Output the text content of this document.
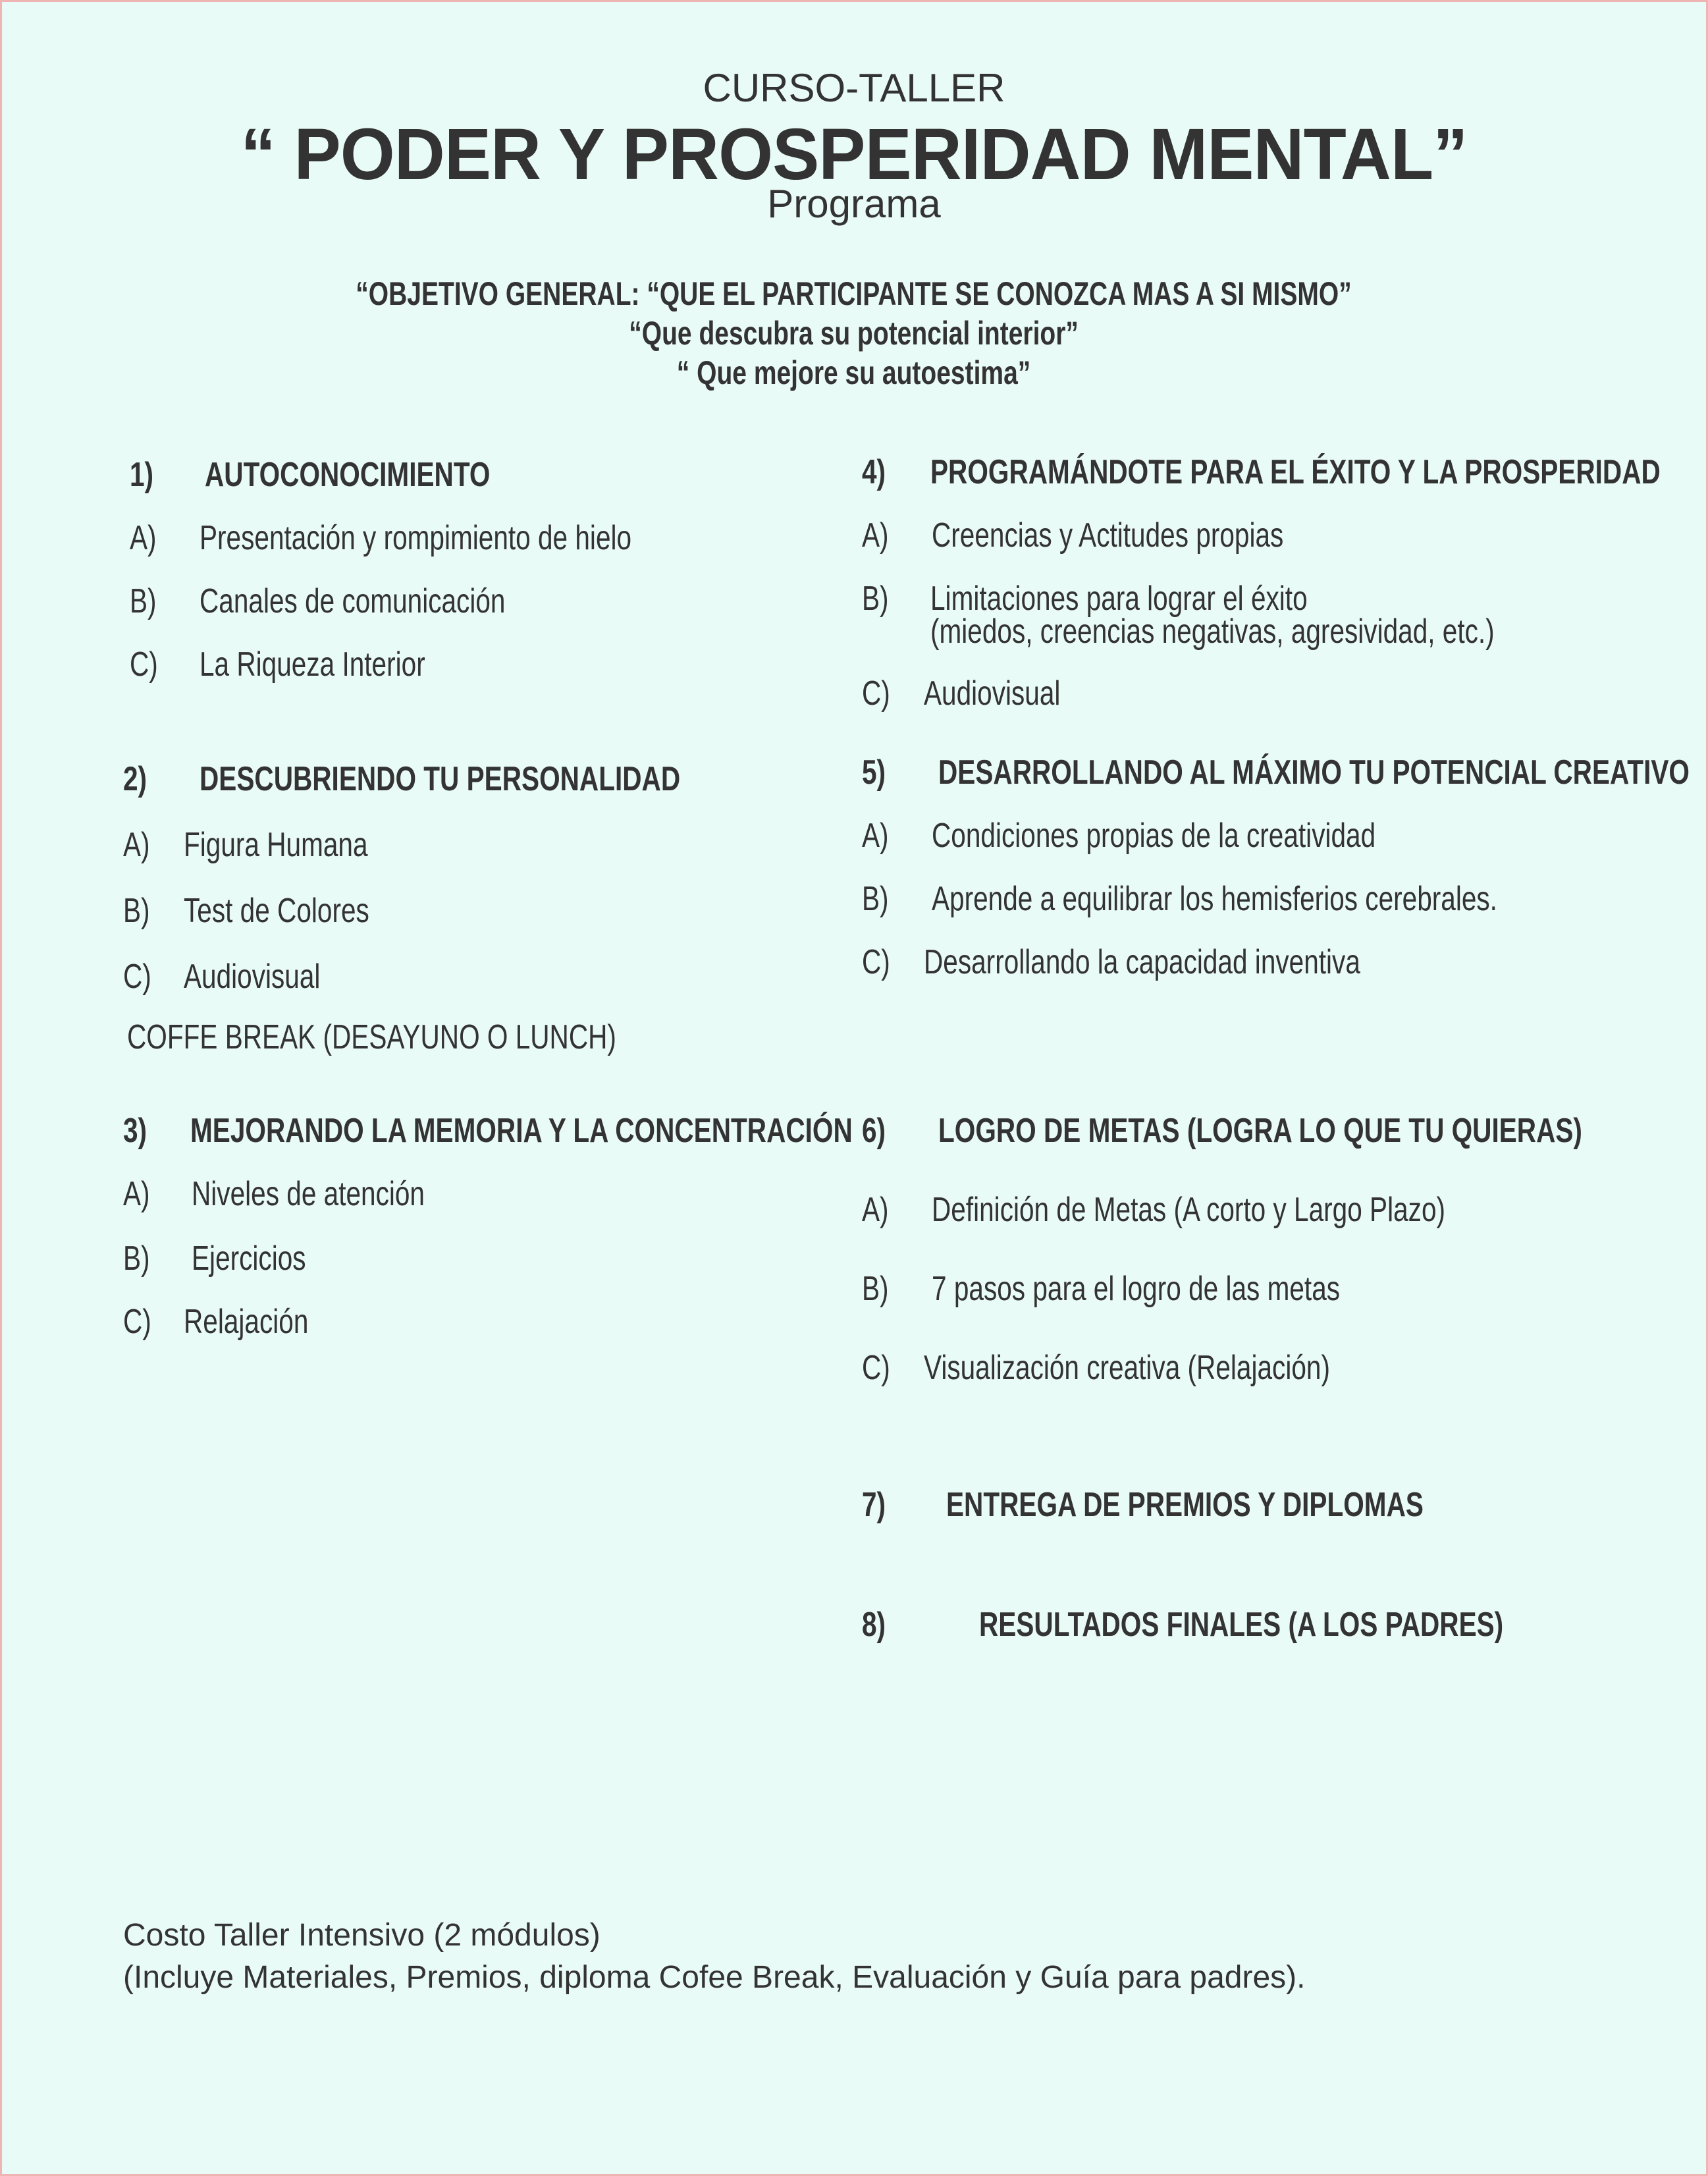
CURSO-TALLER
“ PODER Y PROSPERIDAD MENTAL”
Programa
“OBJETIVO GENERAL: “QUE EL PARTICIPANTE SE CONOZCA MAS A SI MISMO”
“Que descubra su potencial interior”
“ Que mejore su autoestima”
1) AUTOCONOCIMIENTO
A) Presentación y rompimiento de hielo
B) Canales de comunicación
C) La Riqueza Interior
2) DESCUBRIENDO TU PERSONALIDAD
A) Figura Humana
B) Test de Colores
C) Audiovisual
COFFE BREAK (DESAYUNO O LUNCH)
3) MEJORANDO LA MEMORIA Y LA CONCENTRACIÓN
A) Niveles de atención
B) Ejercicios
C) Relajación
4) PROGRAMÁNDOTE PARA EL ÉXITO Y LA PROSPERIDAD
A) Creencias y Actitudes propias
B) Limitaciones para lograr el éxito
(miedos, creencias negativas, agresividad, etc.)
C) Audiovisual
5) DESARROLLANDO AL MÁXIMO TU POTENCIAL CREATIVO
A) Condiciones propias de la creatividad
B) Aprende a equilibrar los hemisferios cerebrales.
C) Desarrollando la capacidad inventiva
6) LOGRO DE METAS (LOGRA LO QUE TU QUIERAS)
A) Definición de Metas (A corto y Largo Plazo)
B) 7 pasos para el logro de las metas
C) Visualización creativa (Relajación)
7) ENTREGA DE PREMIOS Y DIPLOMAS
8)	RESULTADOS FINALES (A LOS PADRES)
Costo Taller Intensivo (2 módulos)
(Incluye Materiales, Premios, diploma Cofee Break, Evaluación y Guía para padres).
